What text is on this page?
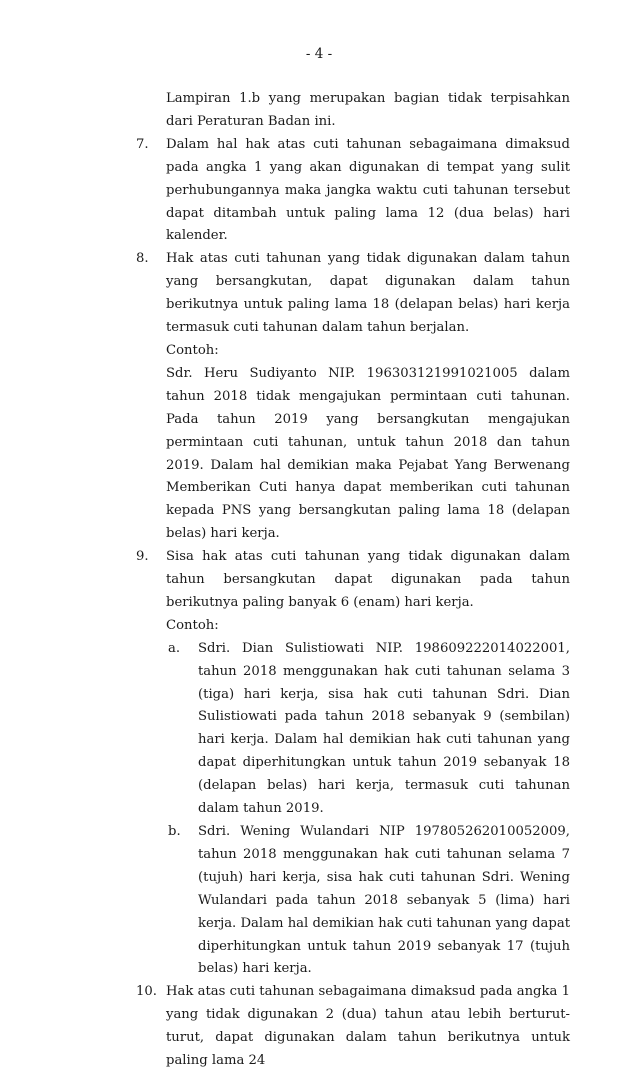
- 4 -
Lampiran 1.b yang merupakan bagian tidak terpisahkan dari Peraturan Badan ini.
7. Dalam hal hak atas cuti tahunan sebagaimana dimaksud pada angka 1 yang akan digunakan di tempat yang sulit perhubungannya maka jangka waktu cuti tahunan tersebut dapat ditambah untuk paling lama 12 (dua belas) hari kalender.
8. Hak atas cuti tahunan yang tidak digunakan dalam tahun yang bersangkutan, dapat digunakan dalam tahun berikutnya untuk paling lama 18 (delapan belas) hari kerja termasuk cuti tahunan dalam tahun berjalan.
Contoh:
Sdr. Heru Sudiyanto NIP. 196303121991021005 dalam tahun 2018 tidak mengajukan permintaan cuti tahunan. Pada tahun 2019 yang bersangkutan mengajukan permintaan cuti tahunan, untuk tahun 2018 dan tahun 2019. Dalam hal demikian maka Pejabat Yang Berwenang Memberikan Cuti hanya dapat memberikan cuti tahunan kepada PNS yang bersangkutan paling lama 18 (delapan belas) hari kerja.
9. Sisa hak atas cuti tahunan yang tidak digunakan dalam tahun bersangkutan dapat digunakan pada tahun berikutnya paling banyak 6 (enam) hari kerja.
Contoh:
a. Sdri. Dian Sulistiowati NIP. 198609222014022001, tahun 2018 menggunakan hak cuti tahunan selama 3 (tiga) hari kerja, sisa hak cuti tahunan Sdri. Dian Sulistiowati pada tahun 2018 sebanyak 9 (sembilan) hari kerja. Dalam hal demikian hak cuti tahunan yang dapat diperhitungkan untuk tahun 2019 sebanyak 18 (delapan belas) hari kerja, termasuk cuti tahunan dalam tahun 2019.
b. Sdri. Wening Wulandari NIP 197805262010052009, tahun 2018 menggunakan hak cuti tahunan selama 7 (tujuh) hari kerja, sisa hak cuti tahunan Sdri. Wening Wulandari pada tahun 2018 sebanyak 5 (lima) hari kerja. Dalam hal demikian hak cuti tahunan yang dapat diperhitungkan untuk tahun 2019 sebanyak 17 (tujuh belas) hari kerja.
10. Hak atas cuti tahunan sebagaimana dimaksud pada angka 1 yang tidak digunakan 2 (dua) tahun atau lebih berturut-turut, dapat digunakan dalam tahun berikutnya untuk paling lama 24
